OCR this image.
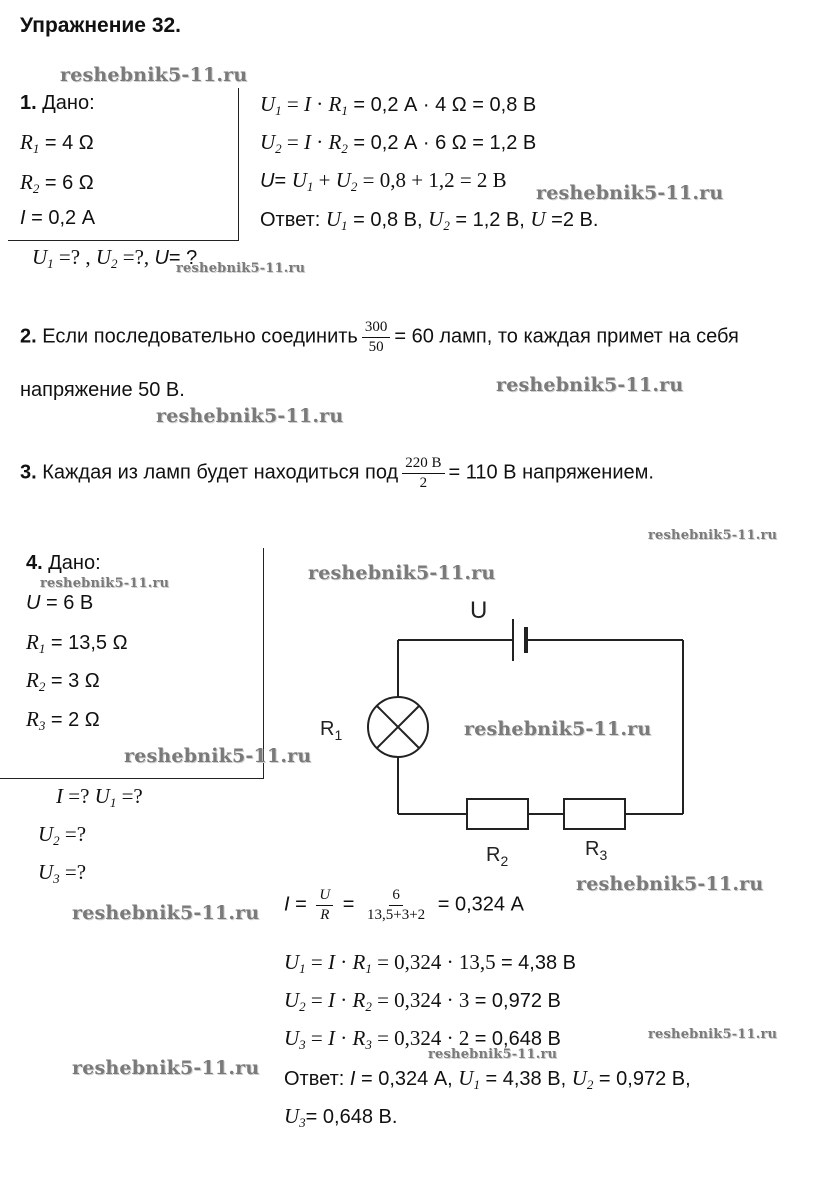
Упражнение 32.
1. Дано:
$R_1 = 4$ Ω
$R_2 = 6$ Ω
I = 0,2 А
$U_1$ =? , $U_2$ =?, U= ?
$U_1 = I \cdot R_1 = 0,2$ А · 4 Ω = 0,8 В
$U_2 = I \cdot R_2 = 0,2$ А · 6 Ω = 1,2 В
$U= U_1 + U_2 = 0,8 + 1,2 = 2$ В
Ответ: $U_1 = 0,8$ В, $U_2 = 1,2$ В, U =2 В.
2. Если последовательно соединить $\frac{300}{50} = 60$ ламп, то каждая примет на себя
напряжение 50 В.
3. Каждая из ламп будет находиться под $\frac{220 В}{2} = 110$ В напряжением.
4. Дано:
U = 6 В
$R_1 = 13,5$ Ω
$R_2 = 3$ Ω
$R_3 = 2$ Ω
I =? $U_1$ =?
$U_2$ =?
$U_3$ =?
U
$R_1$
$R_2$
$R_3$
$I = \frac{U}{R} = \frac{6}{13,5+3+2} = 0,324$ А
$U_1 = I \cdot R_1 = 0,324 \cdot 13,5 = 4,38$ В
$U_2 = I \cdot R_2 = 0,324 \cdot 3 = 0,972$ В
$U_3 = I \cdot R_3 = 0,324 \cdot 2 = 0,648$ В
Ответ: I = 0,324 А, $U_1 = 4,38$ В, $U_2 = 0,972$ В,
$U_3= 0,648$ В.
reshebnik5-11.ru
reshebnik5-11.ru
reshebnik5-11.ru
reshebnik5-11.ru
reshebnik5-11.ru
reshebnik5-11.ru
reshebnik5-11.ru
reshebnik5-11.ru
reshebnik5-11.ru
reshebnik5-11.ru
reshebnik5-11.ru
reshebnik5-11.ru
reshebnik5-11.ru
reshebnik5-11.ru
reshebnik5-11.ru
